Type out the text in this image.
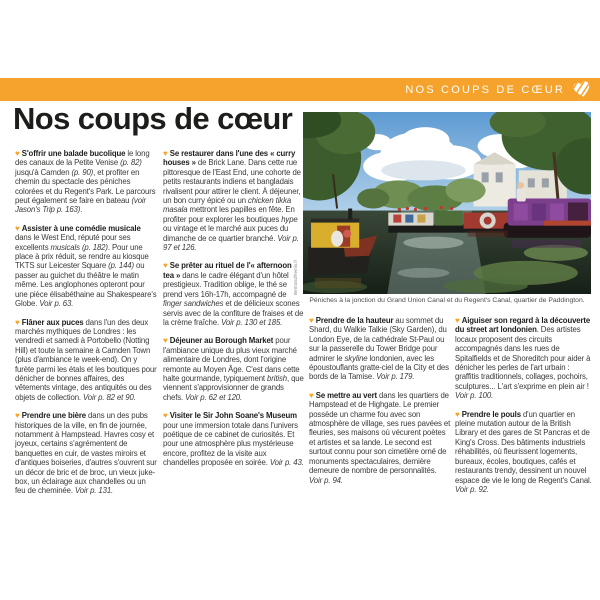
NOS COUPS DE CŒUR
Nos coups de cœur
♥ S'offrir une balade bucolique le long des canaux de la Petite Venise (p. 82) jusqu'à Camden (p. 90), et profiter en chemin du spectacle des péniches colorées et du Regent's Park. Le parcours peut également se faire en bateau (voir Jason's Trip p. 163).
♥ Assister à une comédie musicale dans le West End, réputé pour ses excellents musicals (p. 182). Pour une place à prix réduit, se rendre au kiosque TKTS sur Leicester Square (p. 144) ou passer au guichet du théâtre le matin même. Les anglophones opteront pour une pièce élisabéthaine au Shakespeare's Globe. Voir p. 63.
♥ Flâner aux puces dans l'un des deux marchés mythiques de Londres : les vendredi et samedi à Portobello (Notting Hill) et toute la semaine à Camden Town (plus d'ambiance le week-end). On y furète parmi les étals et les boutiques pour dénicher de bonnes affaires, des vêtements vintage, des antiquités ou des objets de collection. Voir p. 82 et 90.
♥ Prendre une bière dans un des pubs historiques de la ville, en fin de journée, notamment à Hampstead. Havres cosy et joyeux, certains s'agrémentent de banquettes en cuir, de vastes miroirs et d'antiques boiseries, d'autres s'ouvrent sur un décor de bric et de broc, un vieux juke-box, un éclairage aux chandelles ou un feu de cheminée. Voir p. 131.
♥ Se restaurer dans l'une des « curry houses » de Brick Lane. Dans cette rue pittoresque de l'East End, une cohorte de petits restaurants indiens et bangladais rivalisent pour attirer le client. À déjeuner, un bon curry épicé ou un chicken tikka masala mettront les papilles en fête. En profiter pour explorer les boutiques hype ou vintage et le marché aux puces du dimanche de ce quartier branché. Voir p. 97 et 126.
♥ Se prêter au rituel de l'« afternoon tea » dans le cadre élégant d'un hôtel prestigieux. Tradition oblige, le thé se prend vers 16h-17h, accompagné de finger sandwiches et de délicieux scones servis avec de la confiture de fraises et de la crème fraîche. Voir p. 130 et 185.
♥ Déjeuner au Borough Market pour l'ambiance unique du plus vieux marché alimentaire de Londres, dont l'origine remonte au Moyen Âge. C'est dans cette halte gourmande, typiquement british, que viennent s'approvisionner de grands chefs. Voir p. 62 et 120.
♥ Visiter le Sir John Soane's Museum pour une immersion totale dans l'univers poétique de ce cabinet de curiosités. Et pour une atmosphère plus mystérieuse encore, profitez de la visite aux chandelles proposée en soirée. Voir p. 43.
♥ Prendre de la hauteur au sommet du Shard, du Walkie Talkie (Sky Garden), du London Eye, de la cathédrale St-Paul ou sur la passerelle du Tower Bridge pour admirer le skyline londonien, avec les époustouflants gratte-ciel de la City et des bords de la Tamise. Voir p. 179.
♥ Se mettre au vert dans les quartiers de Hampstead et de Highgate. Le premier possède un charme fou avec son atmosphère de village, ses rues pavées et fleuries, ses maisons où vécurent poètes et artistes et sa lande. Le second est surtout connu pour son cimetière orné de monuments spectaculaires, dernière demeure de nombre de personnalités. Voir p. 94.
♥ Aiguiser son regard à la découverte du street art londonien. Des artistes locaux proposent des circuits accompagnés dans les rues de Spitalfields et de Shoreditch pour aider à dénicher les perles de l'art urbain : graffitis traditionnels, collages, pochoirs, sculptures... L'art s'exprime en plein air ! Voir p. 100.
♥ Prendre le pouls d'un quartier en pleine mutation autour de la British Library et des gares de St Pancras et de King's Cross. Des bâtiments industriels réhabilités, où fleurissent logements, bureaux, écoles, boutiques, cafés et restaurants trendy, dessinent un nouvel espace de vie le long de Regent's Canal. Voir p. 92.
Péniches à la jonction du Grand Union Canal et du Regent's Canal, quartier de Paddington.
Bertrand/hemis.fr
